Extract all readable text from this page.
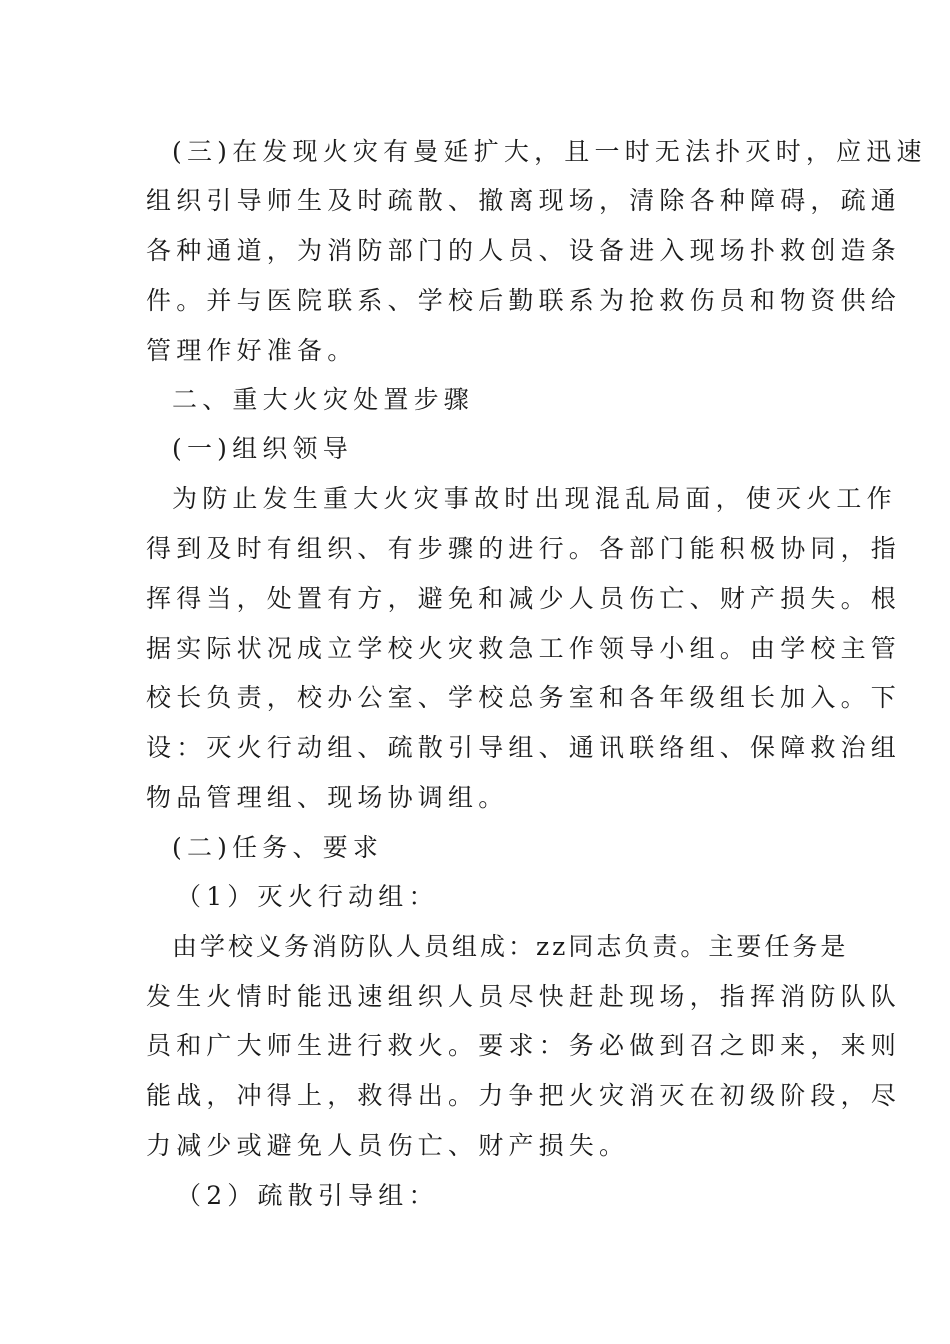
(三)在发现火灾有曼延扩大，且一时无法扑灭时，应迅速
组织引导师生及时疏散、撤离现场，清除各种障碍，疏通
各种通道，为消防部门的人员、设备进入现场扑救创造条
件。并与医院联系、学校后勤联系为抢救伤员和物资供给
管理作好准备。
二、重大火灾处置步骤
(一)组织领导
为防止发生重大火灾事故时出现混乱局面，使灭火工作
得到及时有组织、有步骤的进行。各部门能积极协同，指
挥得当，处置有方，避免和减少人员伤亡、财产损失。根
据实际状况成立学校火灾救急工作领导小组。由学校主管
校长负责，校办公室、学校总务室和各年级组长加入。下
设：灭火行动组、疏散引导组、通讯联络组、保障救治组
物品管理组、现场协调组。
(二)任务、要求
（1）灭火行动组：
由学校义务消防队人员组成：zz同志负责。主要任务是
发生火情时能迅速组织人员尽快赶赴现场，指挥消防队队
员和广大师生进行救火。要求：务必做到召之即来，来则
能战，冲得上，救得出。力争把火灾消灭在初级阶段，尽
力减少或避免人员伤亡、财产损失。
（2）疏散引导组：
